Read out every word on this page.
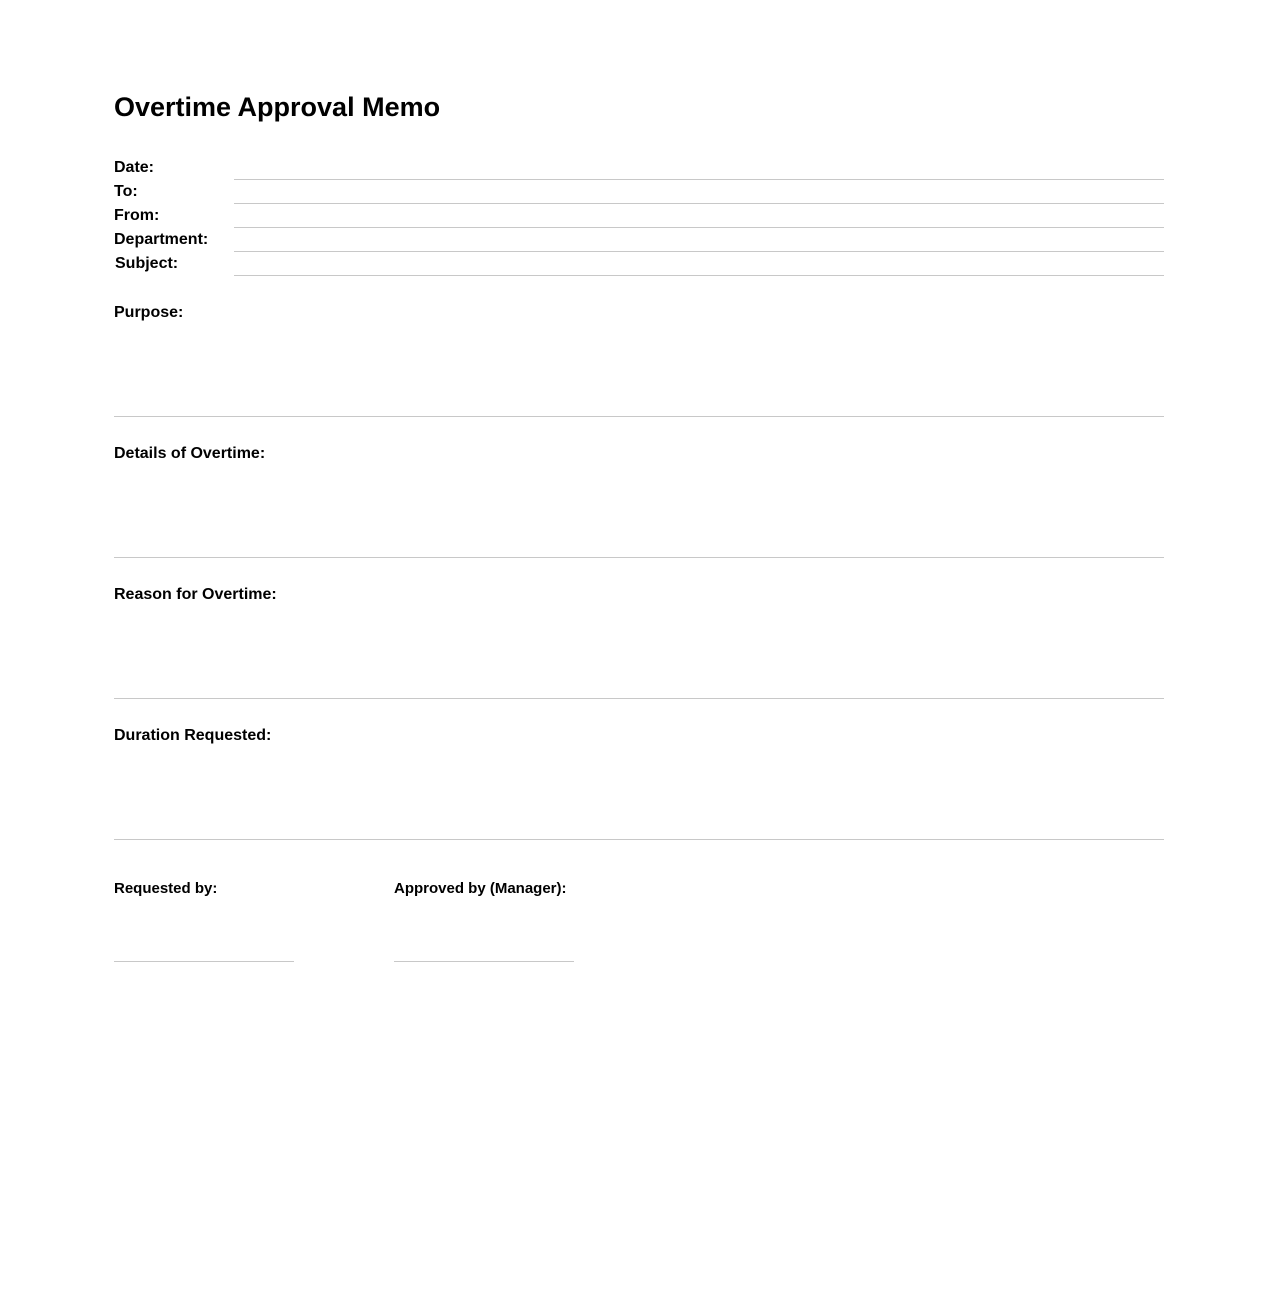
Overtime Approval Memo
Date:
To:
From:
Department:
Subject:
Purpose:
Details of Overtime:
Reason for Overtime:
Duration Requested:
Requested by:	Approved by (Manager):
